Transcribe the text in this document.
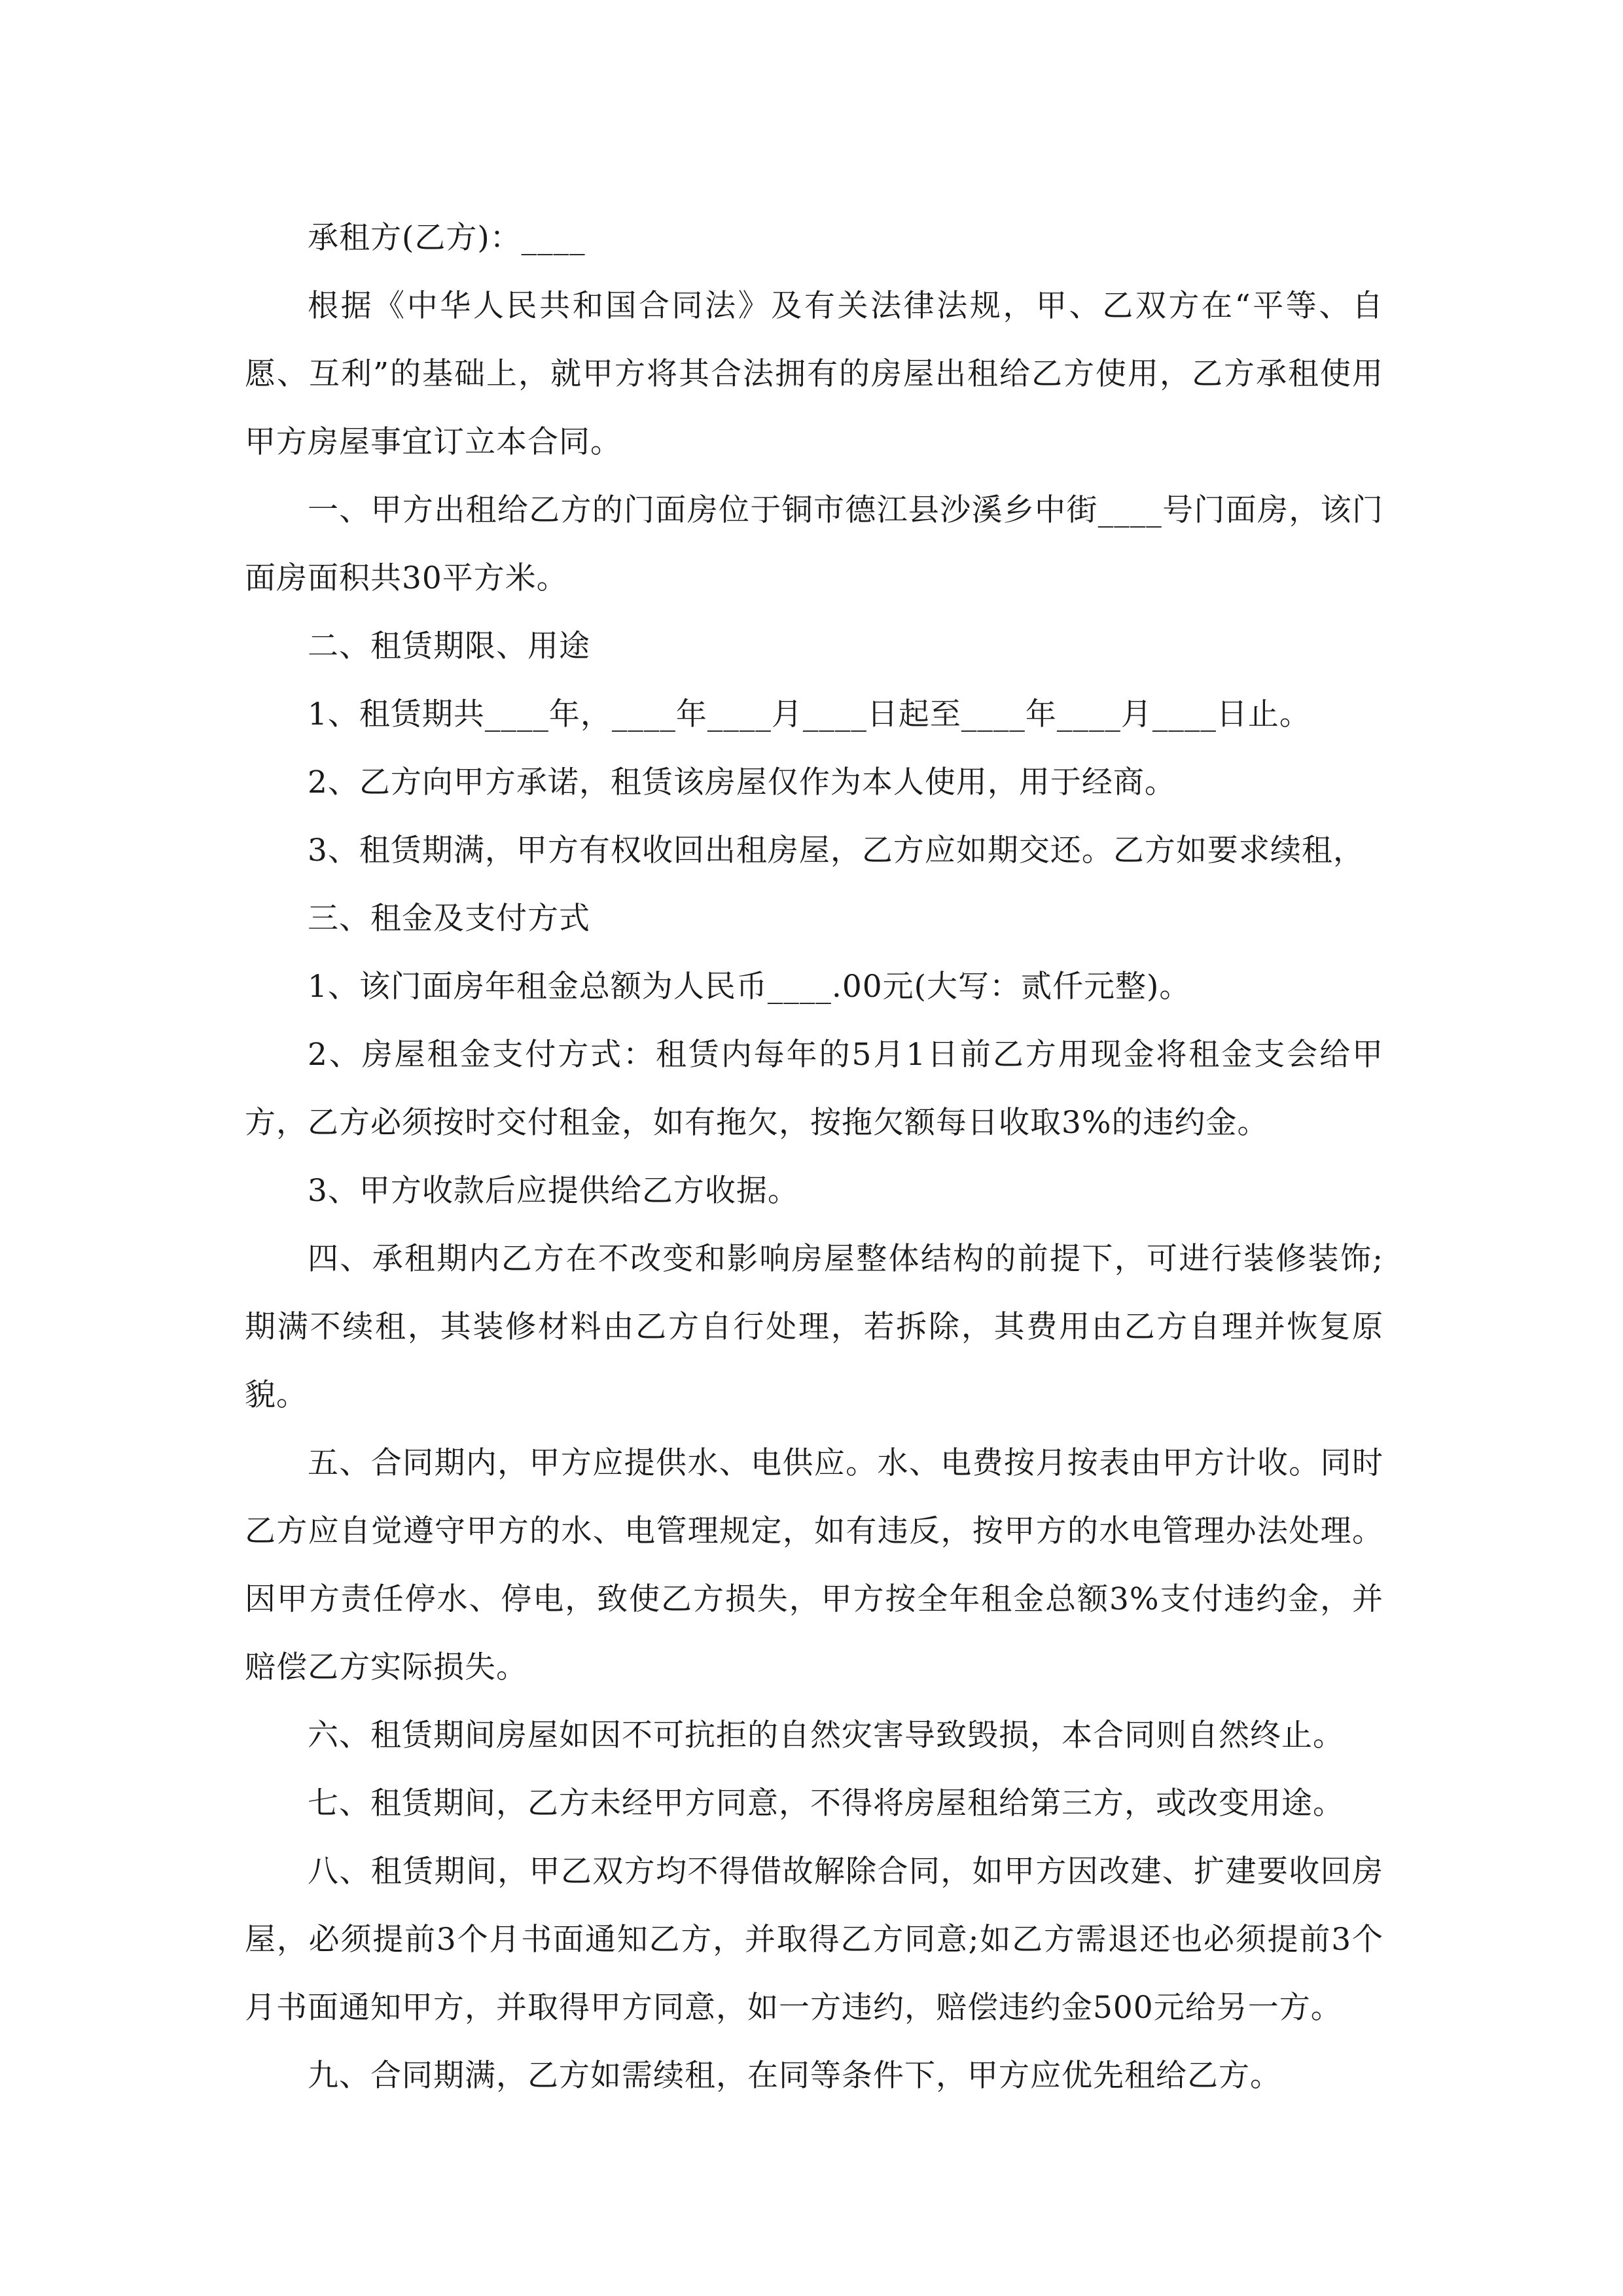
承租方(乙方)：____

根据《中华人民共和国合同法》及有关法律法规，甲、乙双方在“平等、自愿、互利”的基础上，就甲方将其合法拥有的房屋出租给乙方使用，乙方承租使用甲方房屋事宜订立本合同。

一、甲方出租给乙方的门面房位于铜市德江县沙溪乡中街____号门面房，该门面房面积共30平方米。

二、租赁期限、用途

1、租赁期共____年，____年____月____日起至____年____月____日止。

2、乙方向甲方承诺，租赁该房屋仅作为本人使用，用于经商。

3、租赁期满，甲方有权收回出租房屋，乙方应如期交还。乙方如要求续租，

三、租金及支付方式

1、该门面房年租金总额为人民币____.00元(大写：贰仟元整)。

2、房屋租金支付方式：租赁内每年的5月1日前乙方用现金将租金支会给甲方，乙方必须按时交付租金，如有拖欠，按拖欠额每日收取3%的违约金。

3、甲方收款后应提供给乙方收据。

四、承租期内乙方在不改变和影响房屋整体结构的前提下，可进行装修装饰;期满不续租，其装修材料由乙方自行处理，若拆除，其费用由乙方自理并恢复原貌。

五、合同期内，甲方应提供水、电供应。水、电费按月按表由甲方计收。同时乙方应自觉遵守甲方的水、电管理规定，如有违反，按甲方的水电管理办法处理。因甲方责任停水、停电，致使乙方损失，甲方按全年租金总额3%支付违约金，并赔偿乙方实际损失。

六、租赁期间房屋如因不可抗拒的自然灾害导致毁损，本合同则自然终止。

七、租赁期间，乙方未经甲方同意，不得将房屋租给第三方，或改变用途。

八、租赁期间，甲乙双方均不得借故解除合同，如甲方因改建、扩建要收回房屋，必须提前3个月书面通知乙方，并取得乙方同意;如乙方需退还也必须提前3个月书面通知甲方，并取得甲方同意，如一方违约，赔偿违约金500元给另一方。

九、合同期满，乙方如需续租，在同等条件下，甲方应优先租给乙方。
